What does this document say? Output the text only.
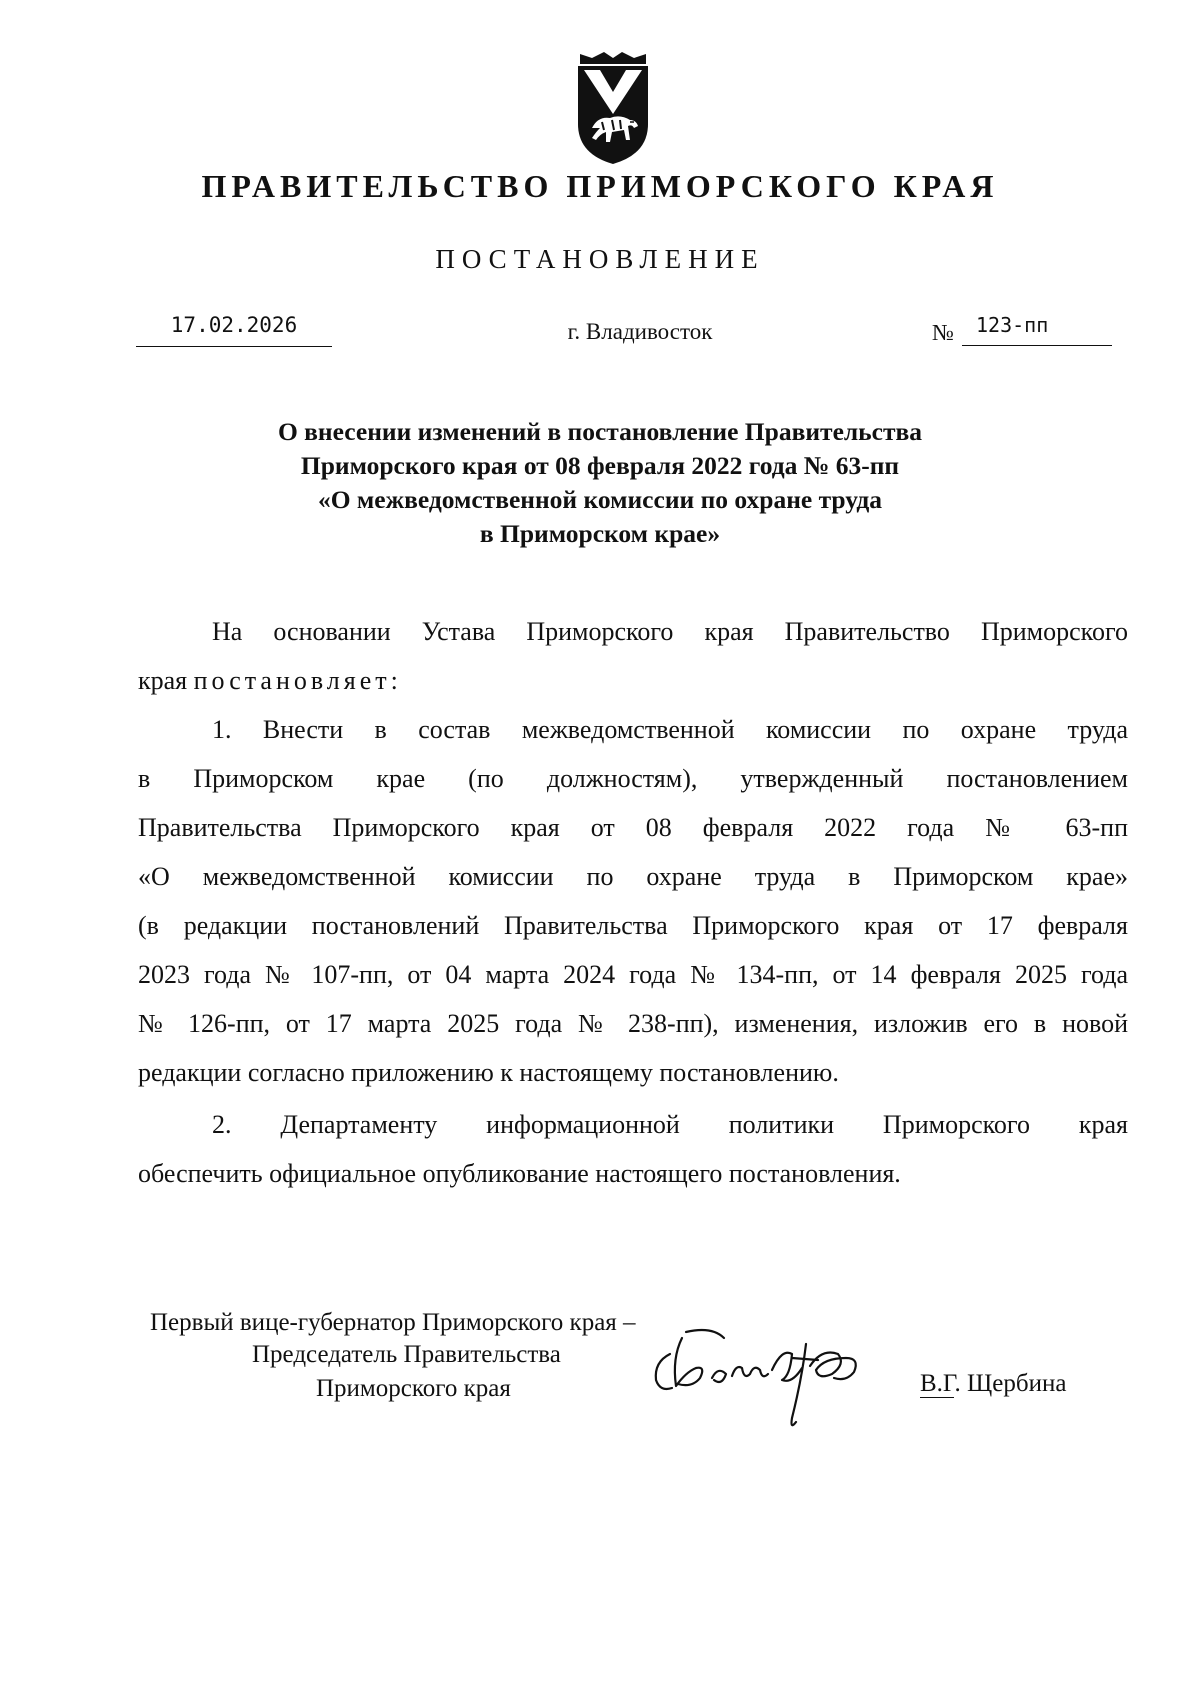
ПРАВИТЕЛЬСТВО ПРИМОРСКОГО КРАЯ
ПОСТАНОВЛЕНИЕ
17.02.2026	г. Владивосток	№	123-пп
О внесении изменений в постановление Правительства
Приморского края от 08 февраля 2022 года № 63-пп
«О межведомственной комиссии по охране труда
в Приморском крае»
На основании Устава Приморского края Правительство Приморского
края постановляет:
1. Внести в состав межведомственной комиссии по охране труда
в Приморском крае (по должностям), утвержденный постановлением
Правительства Приморского края от 08 февраля 2022 года № 63-пп
«О межведомственной комиссии по охране труда в Приморском крае»
(в редакции постановлений Правительства Приморского края от 17 февраля
2023 года № 107-пп, от 04 марта 2024 года № 134-пп, от 14 февраля 2025 года
№ 126-пп, от 17 марта 2025 года № 238-пп), изменения, изложив его в новой
редакции согласно приложению к настоящему постановлению.
2. Департаменту информационной политики Приморского края
обеспечить официальное опубликование настоящего постановления.
Первый вице-губернатор Приморского края –
Председатель Правительства
Приморского края	В.Г. Щербина
